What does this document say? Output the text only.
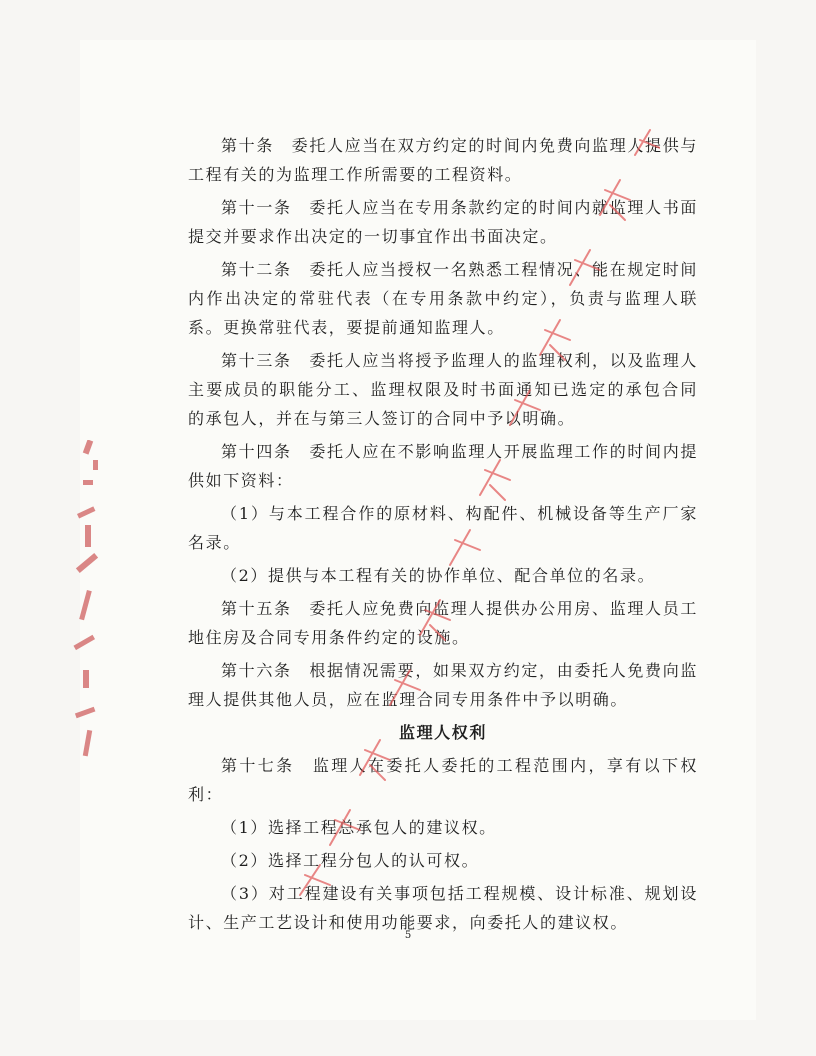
第十条　委托人应当在双方约定的时间内免费向监理人提供与工程有关的为监理工作所需要的工程资料。

第十一条　委托人应当在专用条款约定的时间内就监理人书面提交并要求作出决定的一切事宜作出书面决定。

第十二条　委托人应当授权一名熟悉工程情况、能在规定时间内作出决定的常驻代表（在专用条款中约定），负责与监理人联系。更换常驻代表，要提前通知监理人。

第十三条　委托人应当将授予监理人的监理权利，以及监理人主要成员的职能分工、监理权限及时书面通知已选定的承包合同的承包人，并在与第三人签订的合同中予以明确。

第十四条　委托人应在不影响监理人开展监理工作的时间内提供如下资料：

（1）与本工程合作的原材料、构配件、机械设备等生产厂家名录。

（2）提供与本工程有关的协作单位、配合单位的名录。

第十五条　委托人应免费向监理人提供办公用房、监理人员工地住房及合同专用条件约定的设施。

第十六条　根据情况需要，如果双方约定，由委托人免费向监理人提供其他人员，应在监理合同专用条件中予以明确。

监理人权利

第十七条　监理人在委托人委托的工程范围内，享有以下权利：

（1）选择工程总承包人的建议权。

（2）选择工程分包人的认可权。

（3）对工程建设有关事项包括工程规模、设计标准、规划设计、生产工艺设计和使用功能要求，向委托人的建议权。

5
